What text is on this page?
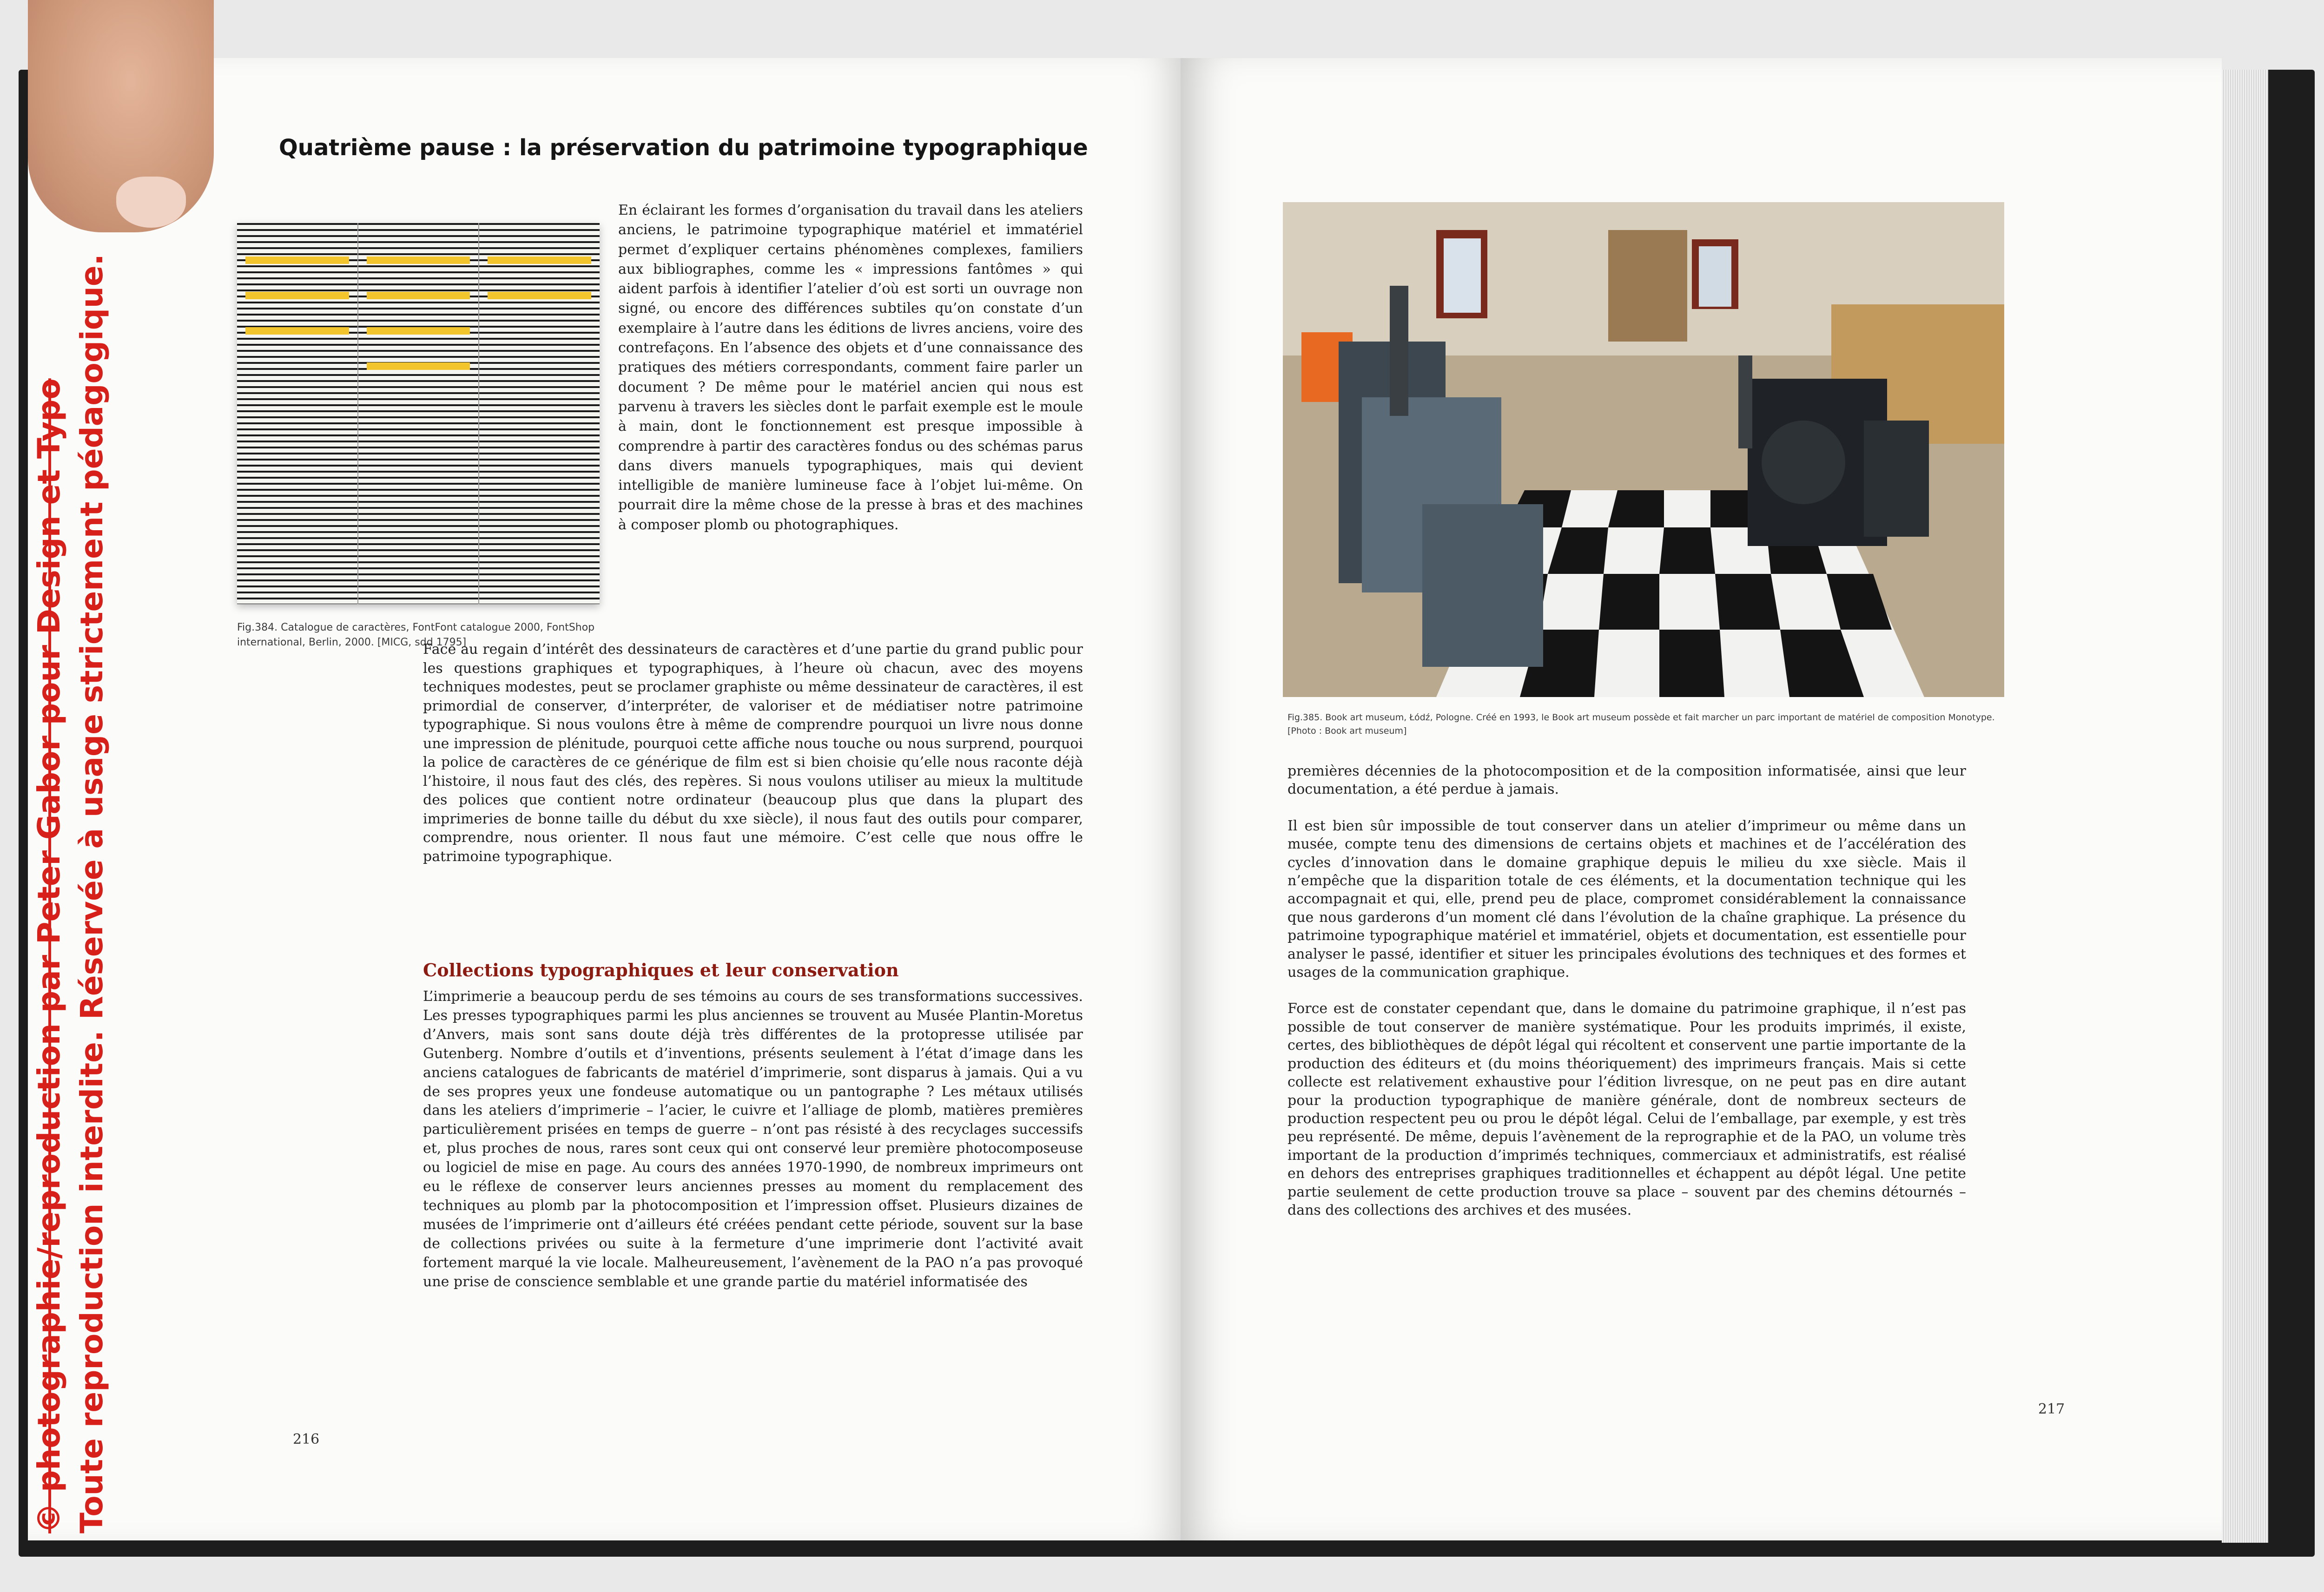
Quatrième pause : la préservation du patrimoine typographique
Fig.384. Catalogue de caractères, FontFont catalogue 2000, FontShop international, Berlin, 2000. [MICG, sdd 1795]

En éclairant les formes d’organisation du travail dans les ateliers anciens, le patrimoine typographique matériel et immatériel permet d’expliquer certains phénomènes complexes, familiers aux bibliographes, comme les « impressions fantômes » qui aident parfois à identifier l’atelier d’où est sorti un ouvrage non signé, ou encore des différences subtiles qu’on constate d’un exemplaire à l’autre dans les éditions de livres anciens, voire des contrefaçons. En l’absence des objets et d’une connaissance des pratiques des métiers correspondants, comment faire parler un document ? De même pour le matériel ancien qui nous est parvenu à travers les siècles dont le parfait exemple est le moule à main, dont le fonctionnement est presque impossible à comprendre à partir des caractères fondus ou des schémas parus dans divers manuels typographiques, mais qui devient intelligible de manière lumineuse face à l’objet lui-même. On pourrait dire la même chose de la presse à bras et des machines à composer plomb ou photographiques.

Face au regain d’intérêt des dessinateurs de caractères et d’une partie du grand public pour les questions graphiques et typographiques, à l’heure où chacun, avec des moyens techniques modestes, peut se proclamer graphiste ou même dessinateur de caractères, il est primordial de conserver, d’interpréter, de valoriser et de médiatiser notre patrimoine typographique. Si nous voulons être à même de comprendre pourquoi un livre nous donne une impression de plénitude, pourquoi cette affiche nous touche ou nous surprend, pourquoi la police de caractères de ce générique de film est si bien choisie qu’elle nous raconte déjà l’histoire, il nous faut des clés, des repères. Si nous voulons utiliser au mieux la multitude des polices que contient notre ordinateur (beaucoup plus que dans la plupart des imprimeries de bonne taille du début du xxe siècle), il nous faut des outils pour comparer, comprendre, nous orienter. Il nous faut une mémoire. C’est celle que nous offre le patrimoine typographique.

Collections typographiques et leur conservation

L’imprimerie a beaucoup perdu de ses témoins au cours de ses transformations successives. Les presses typographiques parmi les plus anciennes se trouvent au Musée Plantin-Moretus d’Anvers, mais sont sans doute déjà très différentes de la protopresse utilisée par Gutenberg. Nombre d’outils et d’inventions, présents seulement à l’état d’image dans les anciens catalogues de fabricants de matériel d’imprimerie, sont disparus à jamais. Qui a vu de ses propres yeux une fondeuse automatique ou un pantographe ? Les métaux utilisés dans les ateliers d’imprimerie – l’acier, le cuivre et l’alliage de plomb, matières premières particulièrement prisées en temps de guerre – n’ont pas résisté à des recyclages successifs et, plus proches de nous, rares sont ceux qui ont conservé leur première photocomposeuse ou logiciel de mise en page. Au cours des années 1970-1990, de nombreux imprimeurs ont eu le réflexe de conserver leurs anciennes presses au moment du remplacement des techniques au plomb par la photocomposition et l’impression offset. Plusieurs dizaines de musées de l’imprimerie ont d’ailleurs été créées pendant cette période, souvent sur la base de collections privées ou suite à la fermeture d’une imprimerie dont l’activité avait fortement marqué la vie locale. Malheureusement, l’avènement de la PAO n’a pas provoqué une prise de conscience semblable et une grande partie du matériel informatisée des

216
Fig.385. Book art museum, Łódź, Pologne. Créé en 1993, le Book art museum possède et fait marcher un parc important de matériel de composition Monotype. [Photo : Book art museum]

premières décennies de la photocomposition et de la composition informatisée, ainsi que leur documentation, a été perdue à jamais.

Il est bien sûr impossible de tout conserver dans un atelier d’imprimeur ou même dans un musée, compte tenu des dimensions de certains objets et machines et de l’accélération des cycles d’innovation dans le domaine graphique depuis le milieu du xxe siècle. Mais il n’empêche que la disparition totale de ces éléments, et la documentation technique qui les accompagnait et qui, elle, prend peu de place, compromet considérablement la connaissance que nous garderons d’un moment clé dans l’évolution de la chaîne graphique. La présence du patrimoine typographique matériel et immatériel, objets et documentation, est essentielle pour analyser le passé, identifier et situer les principales évolutions des techniques et des formes et usages de la communication graphique.

Force est de constater cependant que, dans le domaine du patrimoine graphique, il n’est pas possible de tout conserver de manière systématique. Pour les produits imprimés, il existe, certes, des bibliothèques de dépôt légal qui récoltent et conservent une partie importante de la production des éditeurs et (du moins théoriquement) des imprimeurs français. Mais si cette collecte est relativement exhaustive pour l’édition livresque, on ne peut pas en dire autant pour la production typographique de manière générale, dont de nombreux secteurs de production respectent peu ou prou le dépôt légal. Celui de l’emballage, par exemple, y est très peu représenté. De même, depuis l’avènement de la reprographie et de la PAO, un volume très important de la production d’imprimés techniques, commerciaux et administratifs, est réalisé en dehors des entreprises graphiques traditionnelles et échappent au dépôt légal. Une petite partie seulement de cette production trouve sa place – souvent par des chemins détournés – dans des collections des archives et des musées.

217
© photographie/reproduction par Peter Gabor pour Design et Typo Toute reproduction interdite. Réservée à usage strictement pédagogique.
